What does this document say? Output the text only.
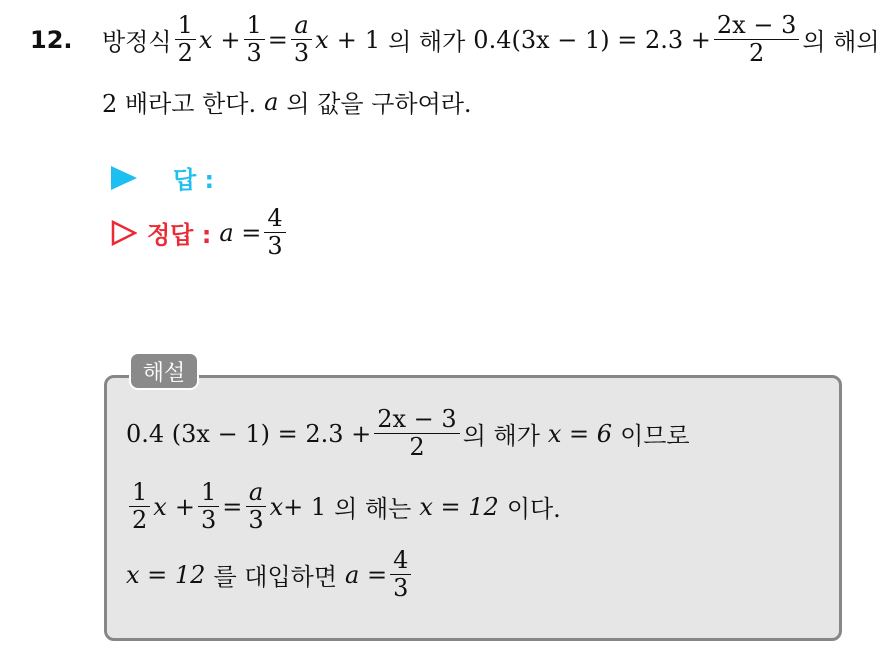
12. 방정식 $\frac{1}{2}$ $x + \frac{1}{3} = \frac{a}{3}$ x + 1 의 해가 $0.4(3x - 1) = 2.3 + \frac{2x - 3}{2}$ 의 해의
2 배라고 한다. a 의 값을 구하여라.
답 :
정답 : $a = \frac{4}{3}$
해설
0.4 $(3x - 1) = 2.3 + \frac{2x - 3}{2}$ 의 해가 x = 6 이므로
$\frac{1}{2}$ $x + \frac{1}{3} = \frac{a}{3}$ x + 1 의 해는 x = 12 이다.
x = 12 를 대입하면 $a = \frac{4}{3}$
